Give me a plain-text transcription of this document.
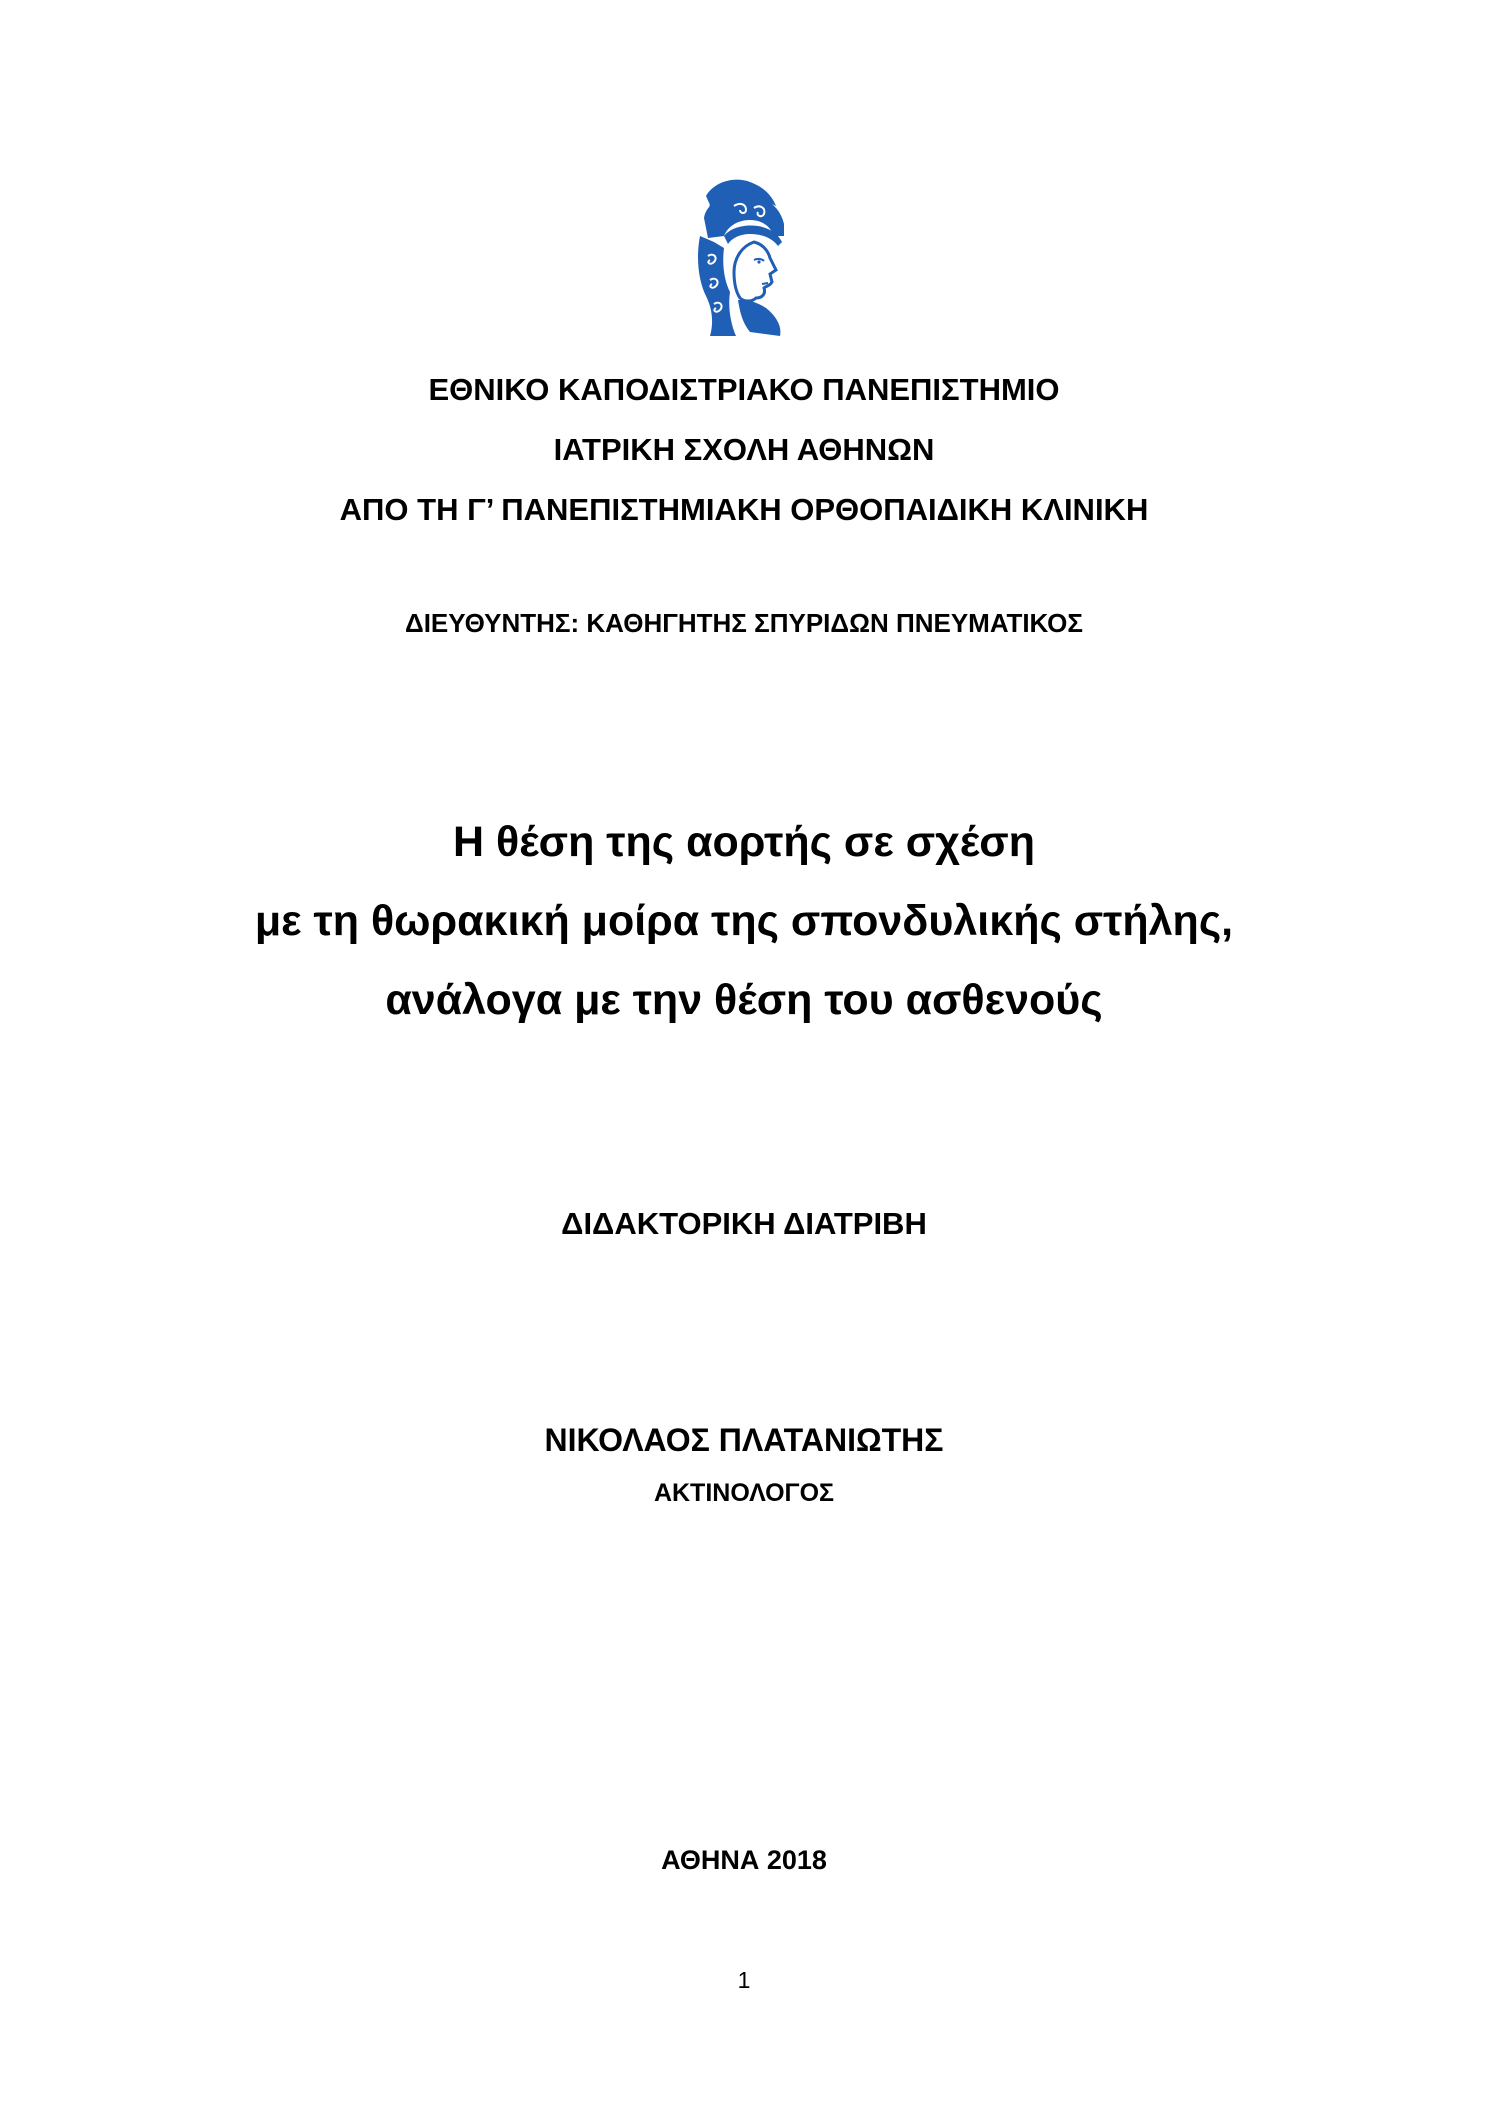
ΕΘΝΙΚΟ ΚΑΠΟΔΙΣΤΡΙΑΚΟ ΠΑΝΕΠΙΣΤΗΜΙΟ
ΙΑΤΡΙΚΗ ΣΧΟΛΗ ΑΘΗΝΩΝ
ΑΠΟ ΤΗ Γ’ ΠΑΝΕΠΙΣΤΗΜΙΑΚΗ ΟΡΘΟΠΑΙΔΙΚΗ ΚΛΙΝΙΚΗ
ΔΙΕΥΘΥΝΤΗΣ: ΚΑΘΗΓΗΤΗΣ ΣΠΥΡΙΔΩΝ ΠΝΕΥΜΑΤΙΚΟΣ
Η θέση της αορτής σε σχέση
με τη θωρακική μοίρα της σπονδυλικής στήλης,
ανάλογα με την θέση του ασθενούς
ΔΙΔΑΚΤΟΡΙΚΗ ΔΙΑΤΡΙΒΗ
ΝΙΚΟΛΑΟΣ ΠΛΑΤΑΝΙΩΤΗΣ
ΑΚΤΙΝΟΛΟΓΟΣ
ΑΘΗΝΑ 2018
1
